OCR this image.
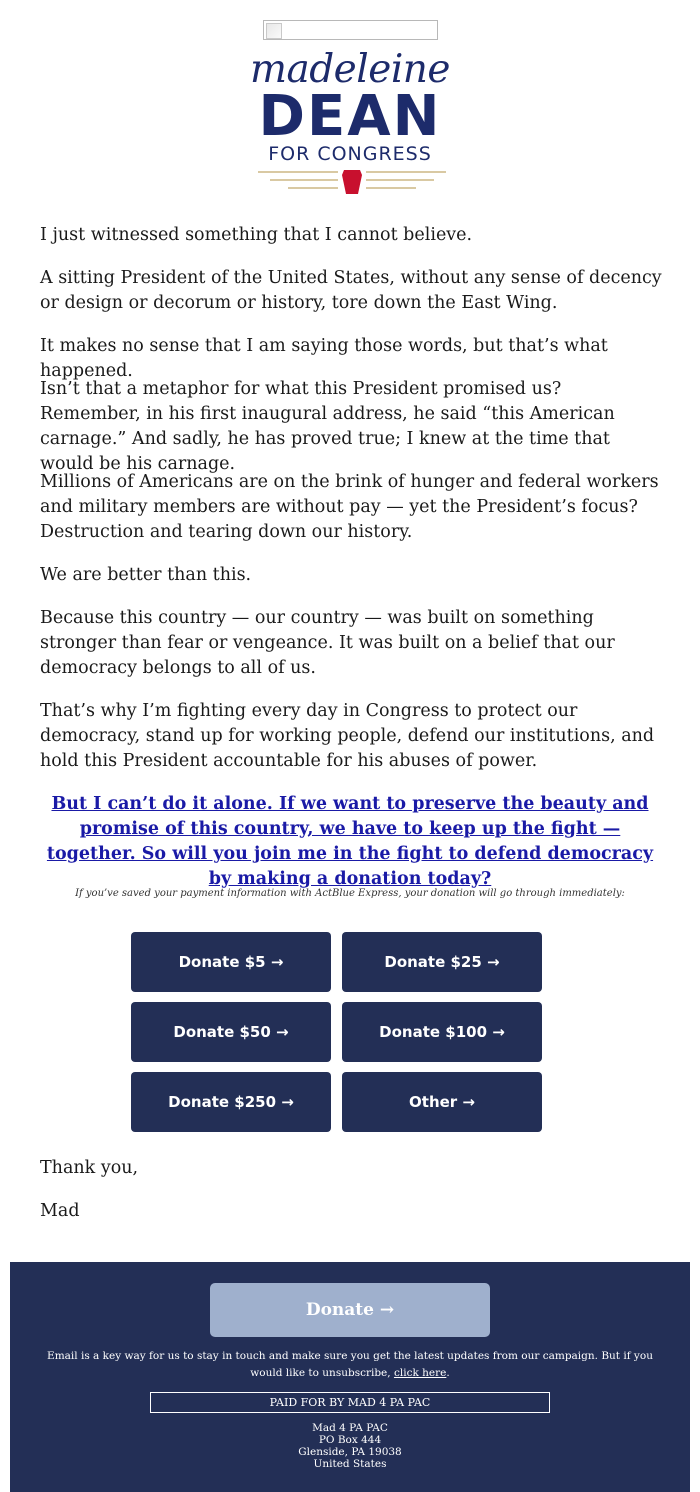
madeleine
DEAN
FOR CONGRESS

I just witnessed something that I cannot believe.

A sitting President of the United States, without any sense of decency or design or decorum or history, tore down the East Wing.

It makes no sense that I am saying those words, but that’s what happened.

Isn’t that a metaphor for what this President promised us? Remember, in his first inaugural address, he said “this American carnage.” And sadly, he has proved true; I knew at the time that would be his carnage.

Millions of Americans are on the brink of hunger and federal workers and military members are without pay — yet the President’s focus? Destruction and tearing down our history.

We are better than this.

Because this country — our country — was built on something stronger than fear or vengeance. It was built on a belief that our democracy belongs to all of us.

That’s why I’m fighting every day in Congress to protect our democracy, stand up for working people, defend our institutions, and hold this President accountable for his abuses of power.

But I can’t do it alone. If we want to preserve the beauty and promise of this country, we have to keep up the fight — together. So will you join me in the fight to defend democracy by making a donation today?

If you’ve saved your payment information with ActBlue Express, your donation will go through immediately:

Donate $5 →	Donate $25 →
Donate $50 →	Donate $100 →
Donate $250 →	Other →

Thank you,

Mad

Donate →

Email is a key way for us to stay in touch and make sure you get the latest updates from our campaign. But if you would like to unsubscribe, click here.

PAID FOR BY MAD 4 PA PAC
Mad 4 PA PAC
PO Box 444
Glenside, PA 19038
United States
